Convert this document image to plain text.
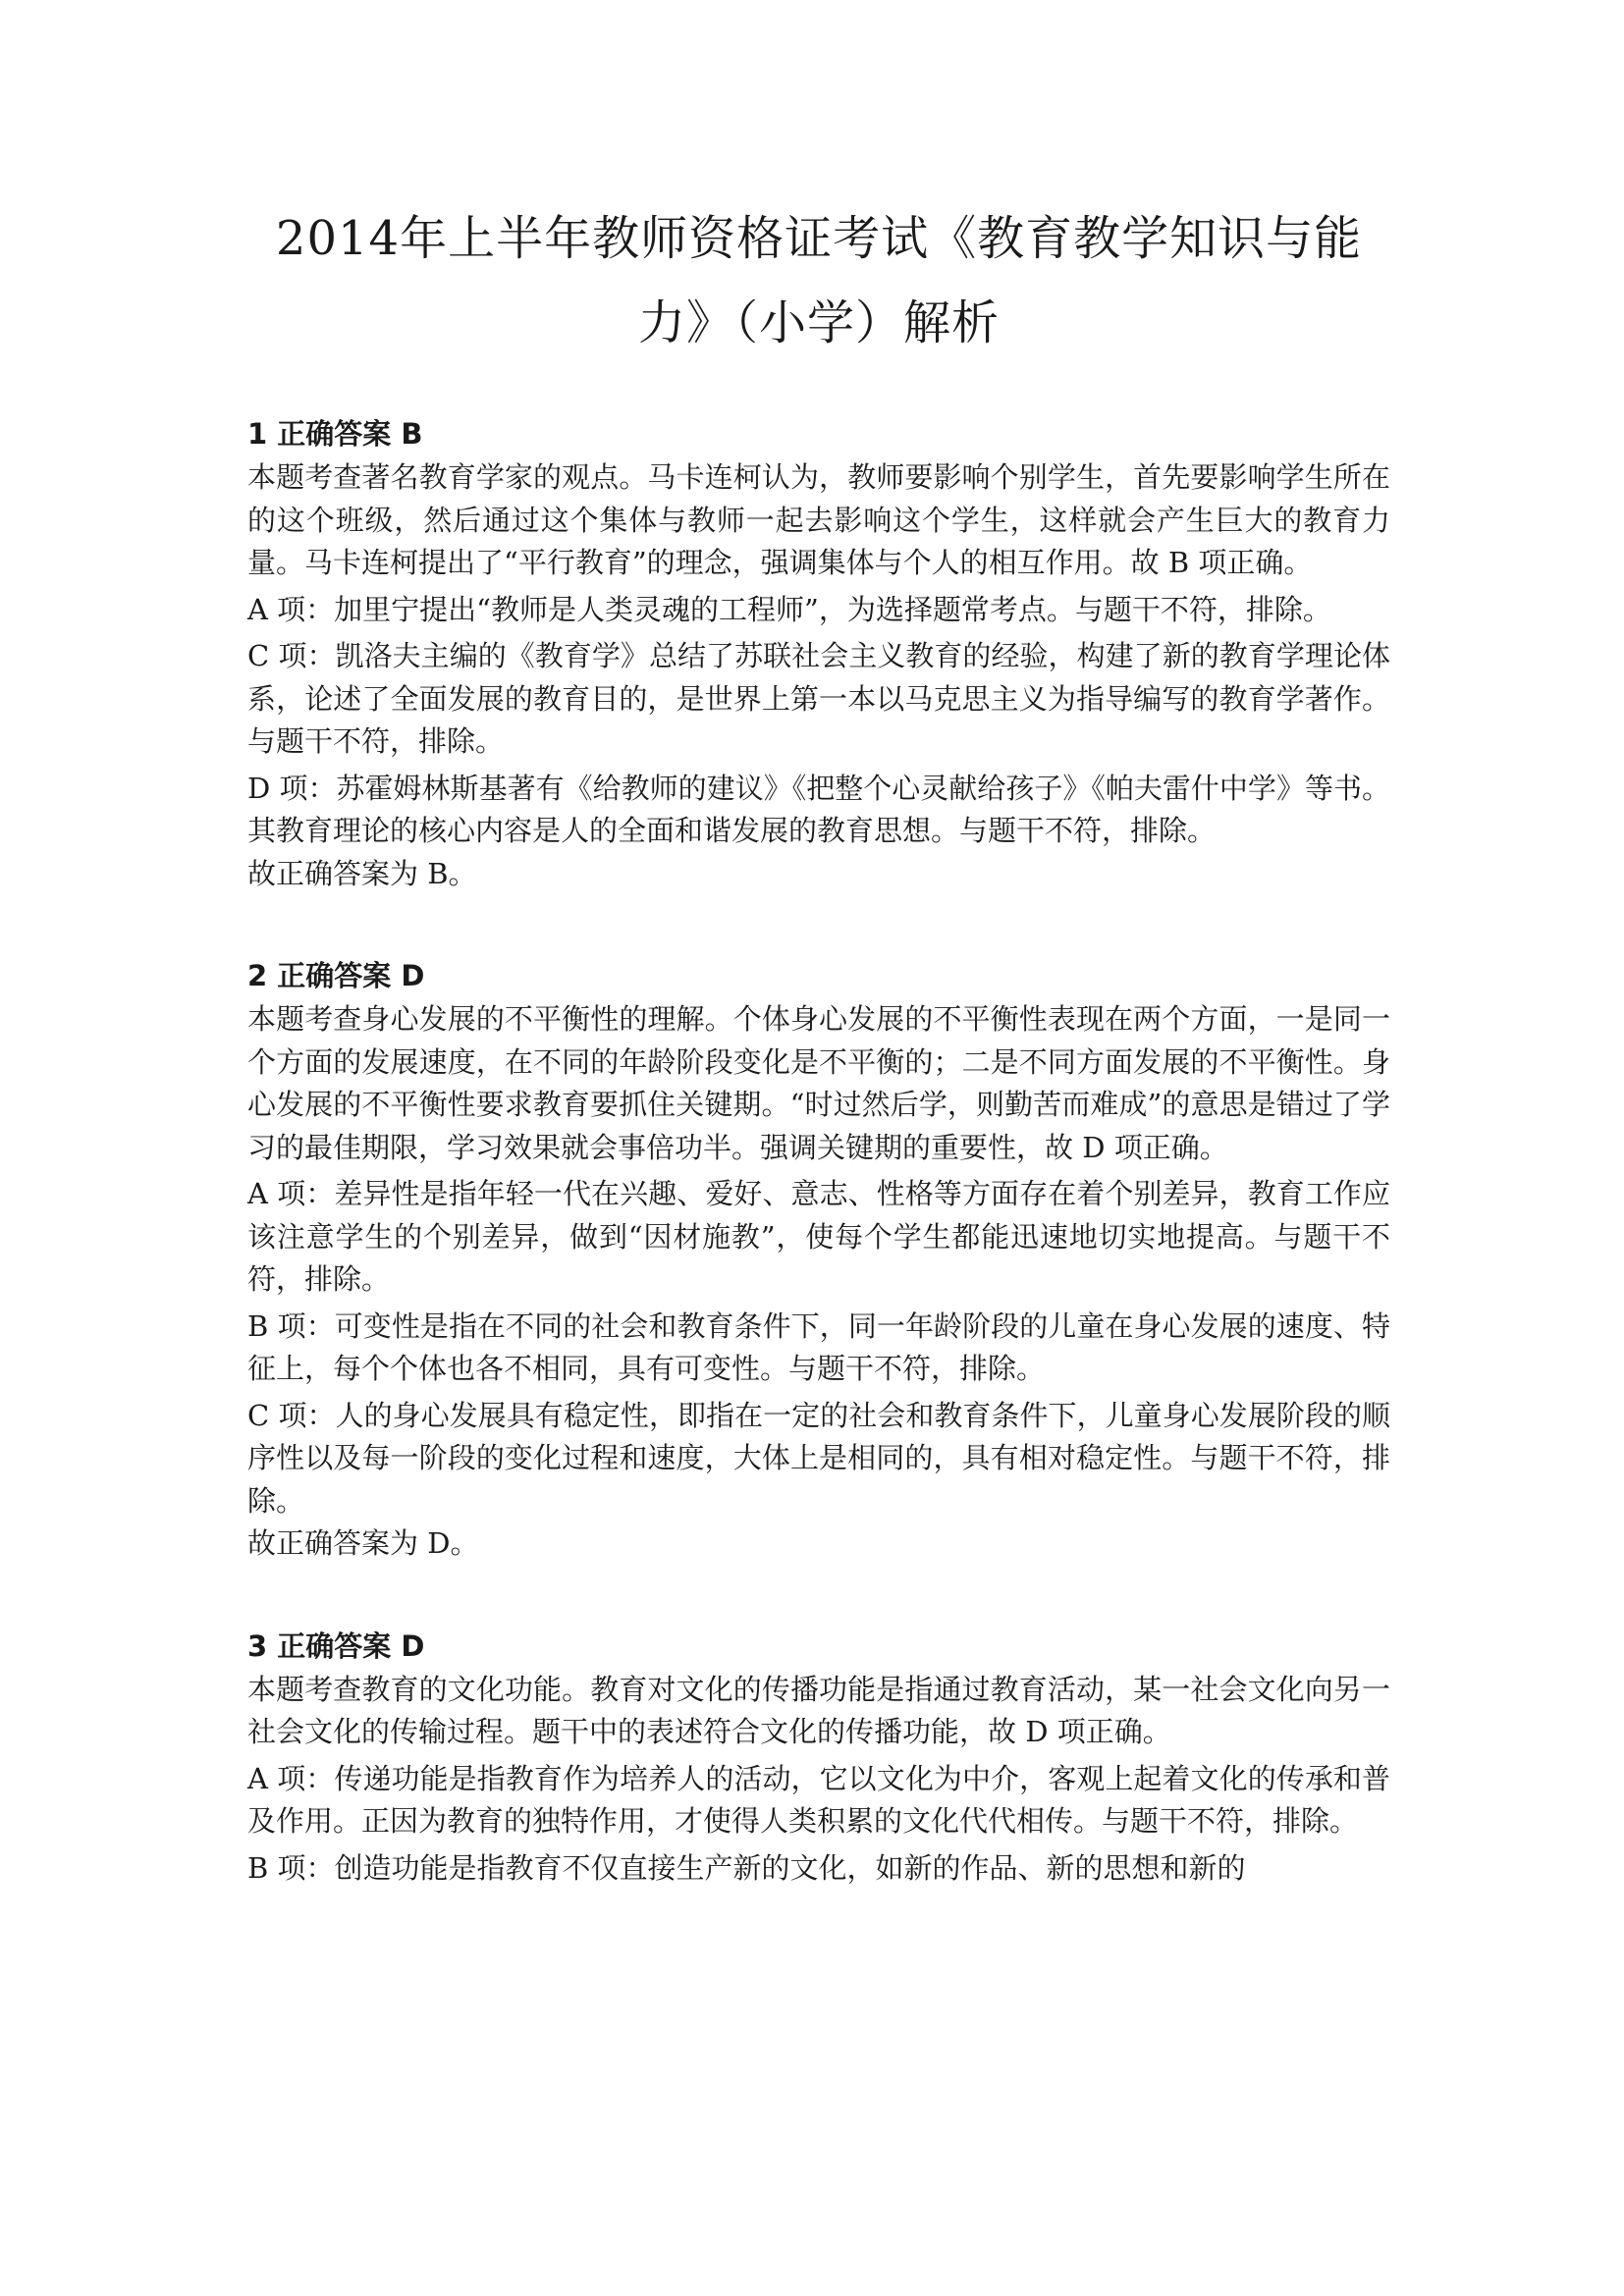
2014年上半年教师资格证考试《教育教学知识与能
力》（小学）解析
1 正确答案 B

本题考查著名教育学家的观点。马卡连柯认为，教师要影响个别学生，首先要影响学生所在的这个班级，然后通过这个集体与教师一起去影响这个学生，这样就会产生巨大的教育力量。马卡连柯提出了“平行教育”的理念，强调集体与个人的相互作用。故 B 项正确。

A 项：加里宁提出“教师是人类灵魂的工程师”，为选择题常考点。与题干不符，排除。

C 项：凯洛夫主编的《教育学》总结了苏联社会主义教育的经验，构建了新的教育学理论体系，论述了全面发展的教育目的，是世界上第一本以马克思主义为指导编写的教育学著作。与题干不符，排除。

D 项：苏霍姆林斯基著有《给教师的建议》《把整个心灵献给孩子》《帕夫雷什中学》等书。其教育理论的核心内容是人的全面和谐发展的教育思想。与题干不符，排除。

故正确答案为 B。

2 正确答案 D

本题考查身心发展的不平衡性的理解。个体身心发展的不平衡性表现在两个方面，一是同一个方面的发展速度，在不同的年龄阶段变化是不平衡的；二是不同方面发展的不平衡性。身心发展的不平衡性要求教育要抓住关键期。“时过然后学，则勤苦而难成”的意思是错过了学习的最佳期限，学习效果就会事倍功半。强调关键期的重要性，故 D 项正确。

A 项：差异性是指年轻一代在兴趣、爱好、意志、性格等方面存在着个别差异，教育工作应该注意学生的个别差异，做到“因材施教”，使每个学生都能迅速地切实地提高。与题干不符，排除。

B 项：可变性是指在不同的社会和教育条件下，同一年龄阶段的儿童在身心发展的速度、特征上，每个个体也各不相同，具有可变性。与题干不符，排除。

C 项：人的身心发展具有稳定性，即指在一定的社会和教育条件下，儿童身心发展阶段的顺序性以及每一阶段的变化过程和速度，大体上是相同的，具有相对稳定性。与题干不符，排除。

故正确答案为 D。

3 正确答案 D

本题考查教育的文化功能。教育对文化的传播功能是指通过教育活动，某一社会文化向另一社会文化的传输过程。题干中的表述符合文化的传播功能，故 D 项正确。

A 项：传递功能是指教育作为培养人的活动，它以文化为中介，客观上起着文化的传承和普及作用。正因为教育的独特作用，才使得人类积累的文化代代相传。与题干不符，排除。

B 项：创造功能是指教育不仅直接生产新的文化，如新的作品、新的思想和新的
